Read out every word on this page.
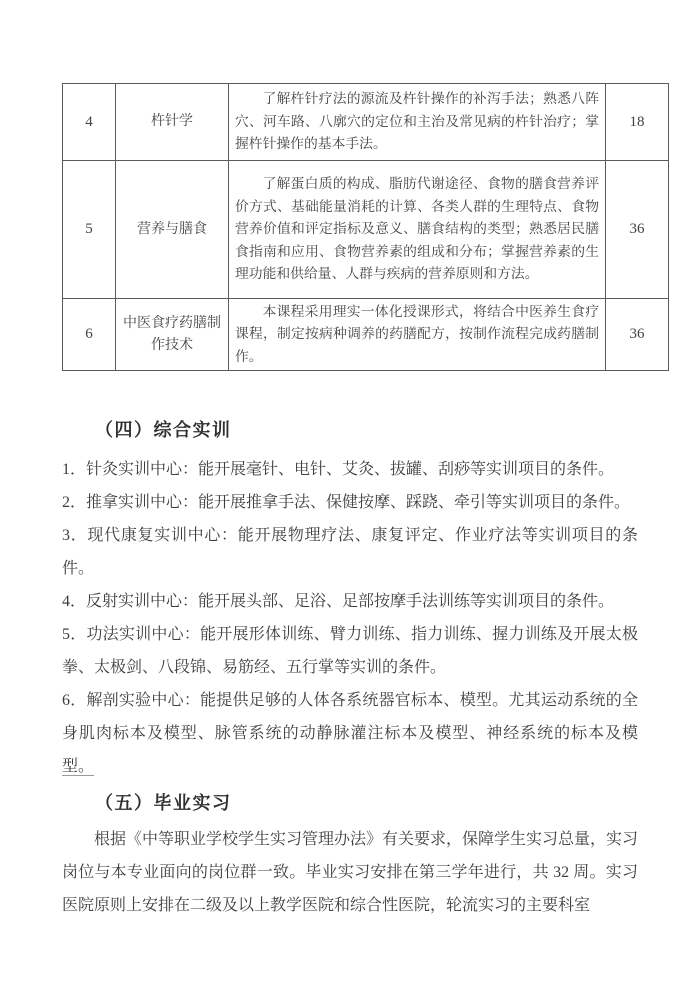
4	杵针学	了解杵针疗法的源流及杵针操作的补泻手法；熟悉八阵穴、河车路、八廓穴的定位和主治及常见病的杵针治疗；掌握杵针操作的基本手法。	18
5	营养与膳食	了解蛋白质的构成、脂肪代谢途径、食物的膳食营养评价方式、基础能量消耗的计算、各类人群的生理特点、食物营养价值和评定指标及意义、膳食结构的类型；熟悉居民膳食指南和应用、食物营养素的组成和分布；掌握营养素的生理功能和供给量、人群与疾病的营养原则和方法。	36
6	中医食疗药膳制作技术	本课程采用理实一体化授课形式，将结合中医养生食疗课程，制定按病种调养的药膳配方，按制作流程完成药膳制作。	36
（四）综合实训
1．针灸实训中心：能开展毫针、电针、艾灸、拔罐、刮痧等实训项目的条件。
2．推拿实训中心：能开展推拿手法、保健按摩、踩跷、牵引等实训项目的条件。
3．现代康复实训中心：能开展物理疗法、康复评定、作业疗法等实训项目的条件。
4．反射实训中心：能开展头部、足浴、足部按摩手法训练等实训项目的条件。
5．功法实训中心：能开展形体训练、臂力训练、指力训练、握力训练及开展太极拳、太极剑、八段锦、易筋经、五行掌等实训的条件。
6．解剖实验中心：能提供足够的人体各系统器官标本、模型。尤其运动系统的全身肌肉标本及模型、脉管系统的动静脉灌注标本及模型、神经系统的标本及模型。
（五）毕业实习

根据《中等职业学校学生实习管理办法》有关要求，保障学生实习总量，实习岗位与本专业面向的岗位群一致。毕业实习安排在第三学年进行，共 32 周。实习医院原则上安排在二级及以上教学医院和综合性医院，轮流实习的主要科室
